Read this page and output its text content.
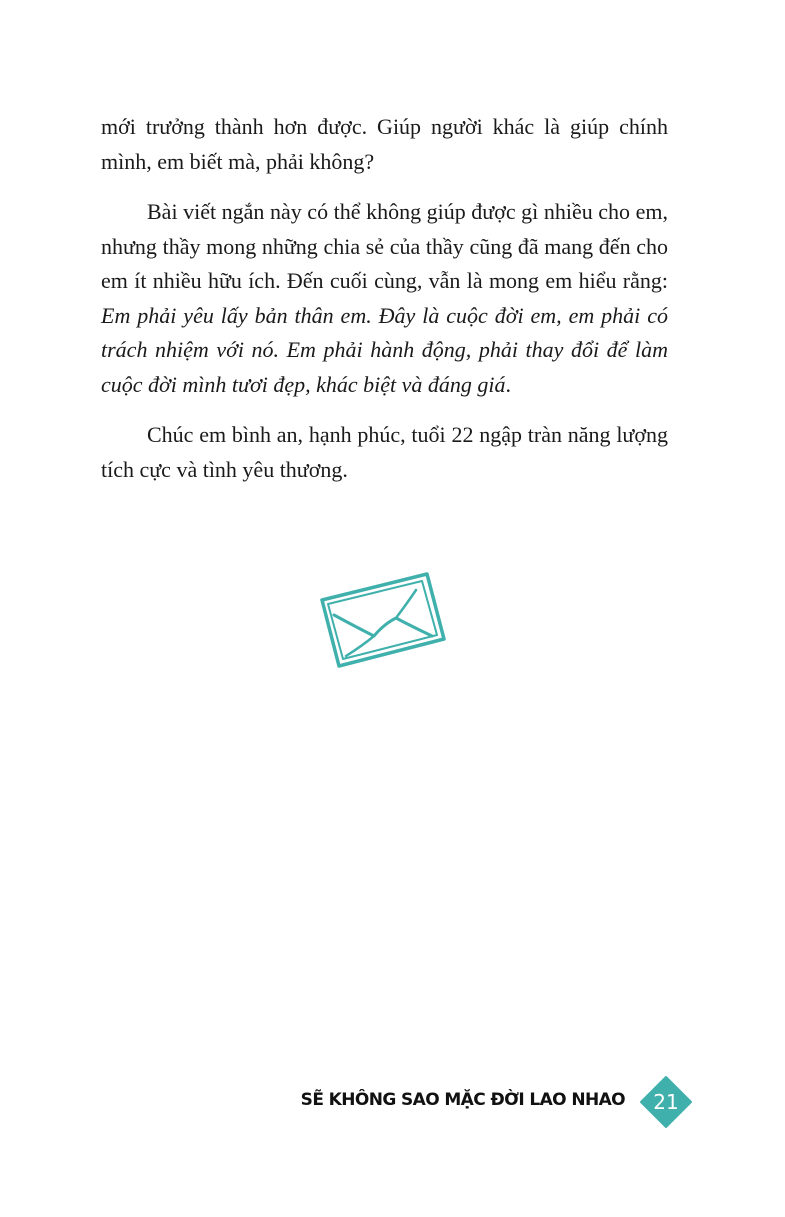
mới trưởng thành hơn được. Giúp người khác là giúp chính mình, em biết mà, phải không?

Bài viết ngắn này có thể không giúp được gì nhiều cho em, nhưng thầy mong những chia sẻ của thầy cũng đã mang đến cho em ít nhiều hữu ích. Đến cuối cùng, vẫn là mong em hiểu rằng: Em phải yêu lấy bản thân em. Đây là cuộc đời em, em phải có trách nhiệm với nó. Em phải hành động, phải thay đổi để làm cuộc đời mình tươi đẹp, khác biệt và đáng giá.

Chúc em bình an, hạnh phúc, tuổi 22 ngập tràn năng lượng tích cực và tình yêu thương.

SẼ KHÔNG SAO MẶC ĐỜI LAO NHAO	21
